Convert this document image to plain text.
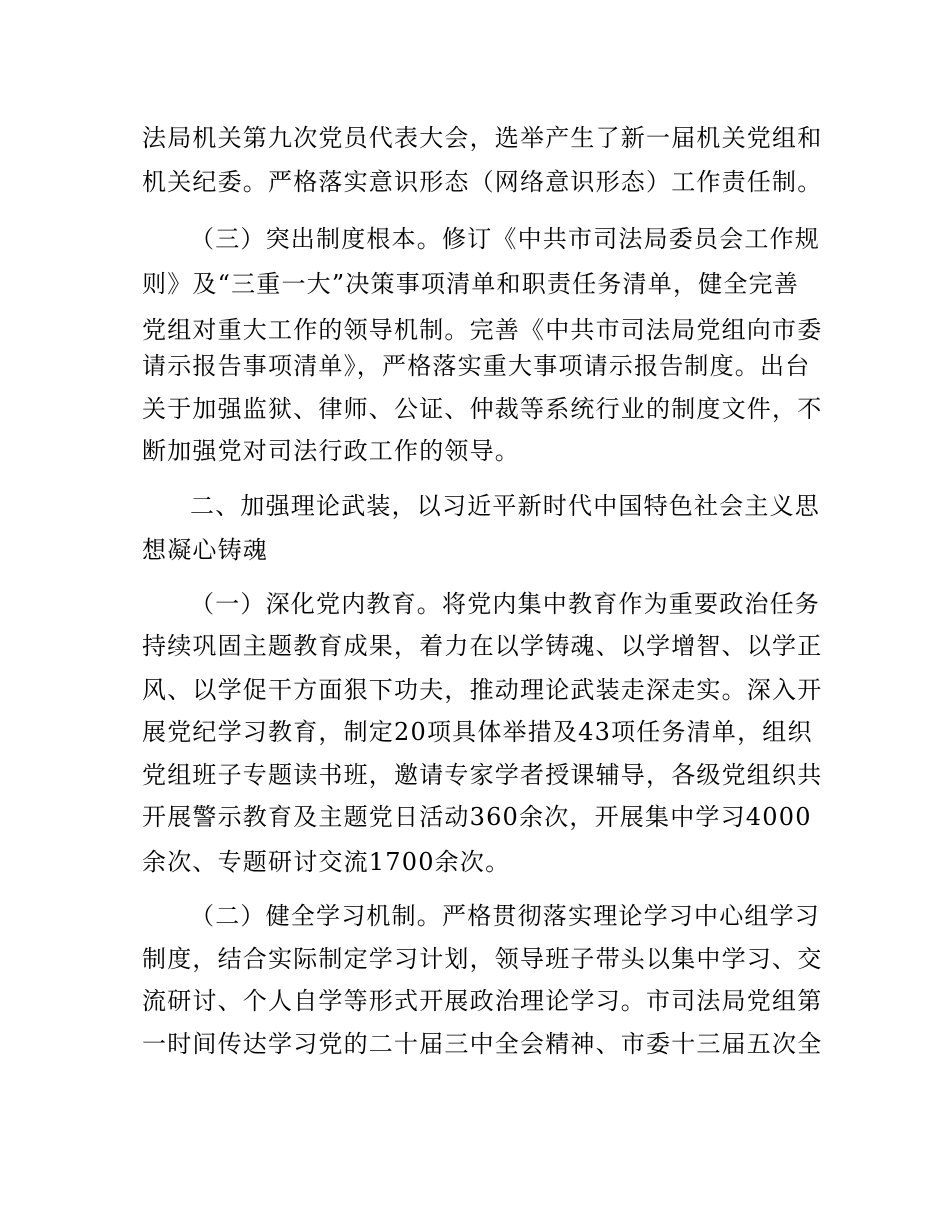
法局机关第九次党员代表大会，选举产生了新一届机关党组和
机关纪委。严格落实意识形态（网络意识形态）工作责任制。
（三）突出制度根本。修订《中共市司法局委员会工作规
则》及“三重一大”决策事项清单和职责任务清单，健全完善
党组对重大工作的领导机制。完善《中共市司法局党组向市委
请示报告事项清单》，严格落实重大事项请示报告制度。出台
关于加强监狱、律师、公证、仲裁等系统行业的制度文件，不
断加强党对司法行政工作的领导。
二、加强理论武装，以习近平新时代中国特色社会主义思
想凝心铸魂
（一）深化党内教育。将党内集中教育作为重要政治任务
持续巩固主题教育成果，着力在以学铸魂、以学增智、以学正
风、以学促干方面狠下功夫，推动理论武装走深走实。深入开
展党纪学习教育，制定20项具体举措及43项任务清单，组织
党组班子专题读书班，邀请专家学者授课辅导，各级党组织共
开展警示教育及主题党日活动360余次，开展集中学习4000
余次、专题研讨交流1700余次。
（二）健全学习机制。严格贯彻落实理论学习中心组学习
制度，结合实际制定学习计划，领导班子带头以集中学习、交
流研讨、个人自学等形式开展政治理论学习。市司法局党组第
一时间传达学习党的二十届三中全会精神、市委十三届五次全
